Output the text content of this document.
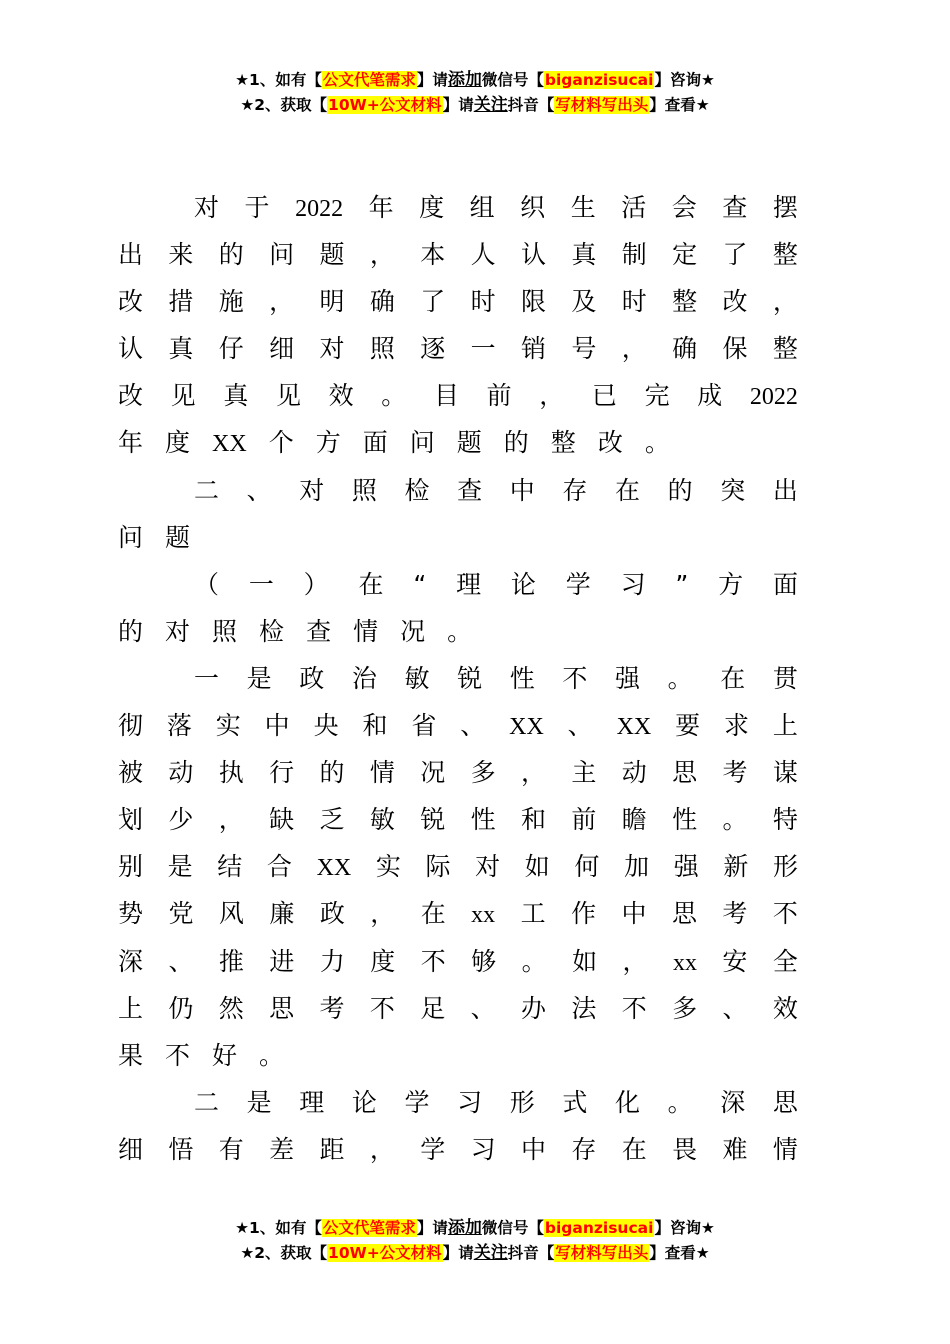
★1、如有【公文代笔需求】请添加微信号【biganzisucai】咨询★
★2、获取【10W+公文材料】请关注抖音【写材料写出头】查看★
对 于 2022 年 度 组 织 生 活 会 查 摆
出 来 的 问 题 ， 本 人 认 真 制 定 了 整
改 措 施 ， 明 确 了 时 限 及 时 整 改 ，
认 真 仔 细 对 照 逐 一 销 号 ， 确 保 整
改 见 真 见 效 。 目 前 ， 已 完 成 2022
年 度 XX 个 方 面 问 题 的 整 改 。
二 、 对 照 检 查 中 存 在 的 突 出
问 题
（ 一 ） 在 “ 理 论 学 习 ” 方 面
的 对 照 检 查 情 况 。
一 是 政 治 敏 锐 性 不 强 。 在 贯
彻 落 实 中 央 和 省 、 XX 、 XX 要 求 上
被 动 执 行 的 情 况 多 ， 主 动 思 考 谋
划 少 ， 缺 乏 敏 锐 性 和 前 瞻 性 。 特
别 是 结 合 XX 实 际 对 如 何 加 强 新 形
势 党 风 廉 政 ， 在 xx 工 作 中 思 考 不
深 、 推 进 力 度 不 够 。 如 ， xx 安 全
上 仍 然 思 考 不 足 、 办 法 不 多 、 效
果 不 好 。
二 是 理 论 学 习 形 式 化 。 深 思
细 悟 有 差 距 ， 学 习 中 存 在 畏 难 情
★1、如有【公文代笔需求】请添加微信号【biganzisucai】咨询★
★2、获取【10W+公文材料】请关注抖音【写材料写出头】查看★
